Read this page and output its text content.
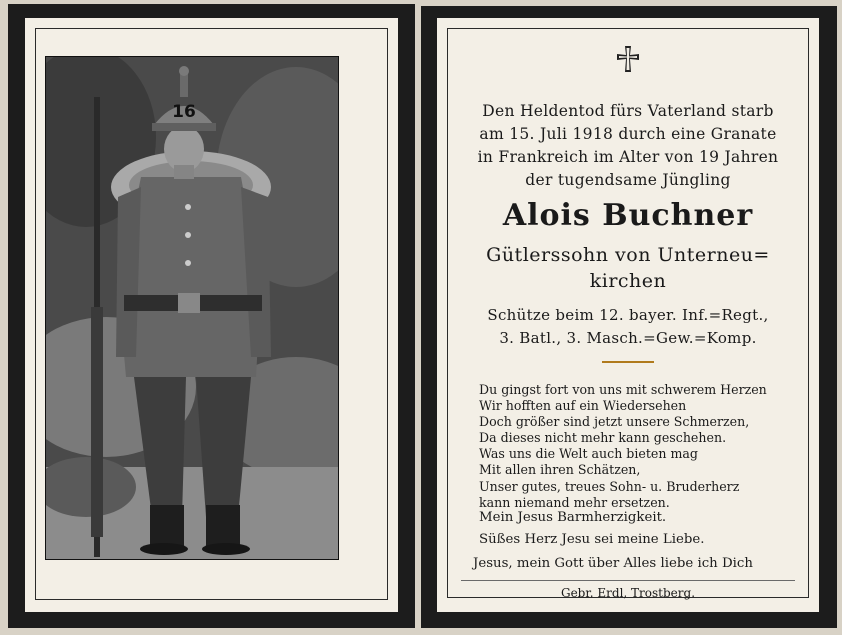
16	Den Heldentod fürs Vaterland starb
am 15. Juli 1918 durch eine Granate
in Frankreich im Alter von 19 Jahren
der tugendsame Jüngling
Alois Buchner
Gütlerssohn von Unterneu=
kirchen
Schütze beim 12. bayer. Inf.=Regt.,
3. Batl., 3. Masch.=Gew.=Komp.
Du gingst fort von uns mit schwerem Herzen
Wir hofften auf ein Wiedersehen
Doch größer sind jetzt unsere Schmerzen,
Da dieses nicht mehr kann geschehen.
Was uns die Welt auch bieten mag
Mit allen ihren Schätzen,
Unser gutes, treues Sohn- u. Bruderherz
kann niemand mehr ersetzen.
Mein Jesus Barmherzigkeit.
Süßes Herz Jesu sei meine Liebe.
Jesus, mein Gott über Alles liebe ich Dich
Gebr. Erdl, Trostberg.
